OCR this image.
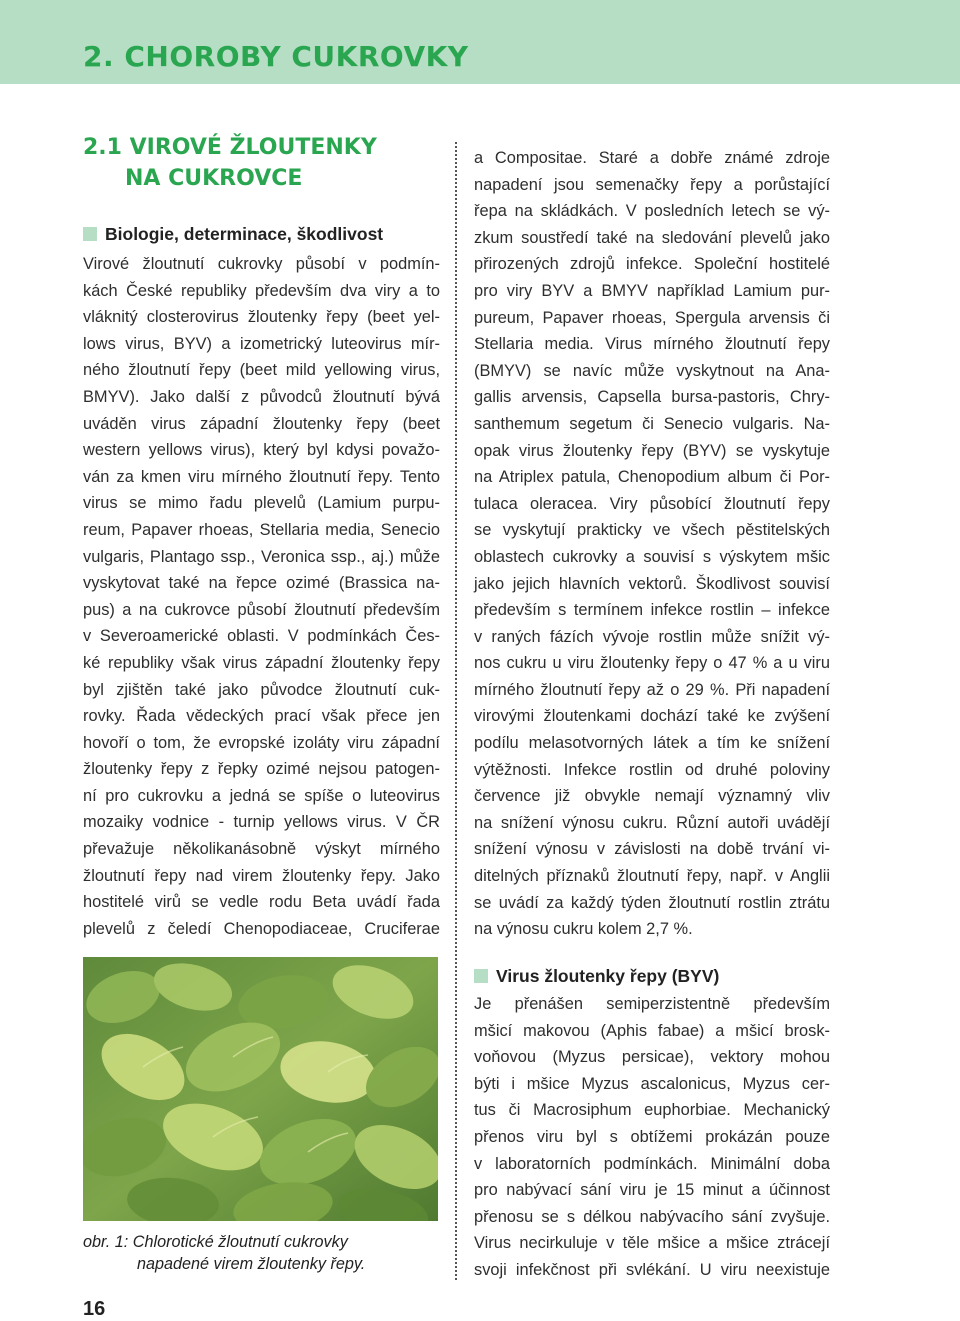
2. CHOROBY CUKROVKY
2.1 VIROVÉ ŽLOUTENKY
NA CUKROVCE
Biologie, determinace, škodlivost
Virové žloutnutí cukrovky působí v podmín-
kách České republiky především dva viry a to
vláknitý closterovirus žloutenky řepy (beet yel-
lows virus, BYV) a izometrický luteovirus mír-
ného žloutnutí řepy (beet mild yellowing virus,
BMYV). Jako další z původců žloutnutí bývá
uváděn virus západní žloutenky řepy (beet
western yellows virus), který byl kdysi považo-
ván za kmen viru mírného žloutnutí řepy. Tento
virus se mimo řadu plevelů (Lamium purpu-
reum, Papaver rhoeas, Stellaria media, Senecio
vulgaris, Plantago ssp., Veronica ssp., aj.) může
vyskytovat také na řepce ozimé (Brassica na-
pus) a na cukrovce působí žloutnutí především
v Severoamerické oblasti. V podmínkách Čes-
ké republiky však virus západní žloutenky řepy
byl zjištěn také jako původce žloutnutí cuk-
rovky. Řada vědeckých prací však přece jen
hovoří o tom, že evropské izoláty viru západní
žloutenky řepy z řepky ozimé nejsou patogen-
ní pro cukrovku a jedná se spíše o luteovirus
mozaiky vodnice - turnip yellows virus. V ČR
převažuje několikanásobně výskyt mírného
žloutnutí řepy nad virem žloutenky řepy. Jako
hostitelé virů se vedle rodu Beta uvádí řada
plevelů z čeledí Chenopodiaceae, Cruciferae

obr. 1: Chlorotické žloutnutí cukrovky
napadené virem žloutenky řepy.

a Compositae. Staré a dobře známé zdroje
napadení jsou semenačky řepy a porůstající
řepa na skládkách. V posledních letech se vý-
zkum soustředí také na sledování plevelů jako
přirozených zdrojů infekce. Společní hostitelé
pro viry BYV a BMYV například Lamium pur-
pureum, Papaver rhoeas, Spergula arvensis či
Stellaria media. Virus mírného žloutnutí řepy
(BMYV) se navíc může vyskytnout na Ana-
gallis arvensis, Capsella bursa-pastoris, Chry-
santhemum segetum či Senecio vulgaris. Na-
opak virus žloutenky řepy (BYV) se vyskytuje
na Atriplex patula, Chenopodium album či Por-
tulaca oleracea. Viry působící žloutnutí řepy
se vyskytují prakticky ve všech pěstitelských
oblastech cukrovky a souvisí s výskytem mšic
jako jejich hlavních vektorů. Škodlivost souvisí
především s termínem infekce rostlin – infekce
v raných fázích vývoje rostlin může snížit vý-
nos cukru u viru žloutenky řepy o 47 % a u viru
mírného žloutnutí řepy až o 29 %. Při napadení
virovými žloutenkami dochází také ke zvýšení
podílu melasotvorných látek a tím ke snížení
výtěžnosti. Infekce rostlin od druhé poloviny
července již obvykle nemají významný vliv
na snížení výnosu cukru. Různí autoři uvádějí
snížení výnosu v závislosti na době trvání vi-
ditelných příznaků žloutnutí řepy, např. v Anglii
se uvádí za každý týden žloutnutí rostlin ztrátu
na výnosu cukru kolem 2,7 %.
Virus žloutenky řepy (BYV)
Je přenášen semiperzistentně především
mšicí makovou (Aphis fabae) a mšicí brosk-
voňovou (Myzus persicae), vektory mohou
býti i mšice Myzus ascalonicus, Myzus cer-
tus či Macrosiphum euphorbiae. Mechanický
přenos viru byl s obtížemi prokázán pouze
v laboratorních podmínkách. Minimální doba
pro nabývací sání viru je 15 minut a účinnost
přenosu se s délkou nabývacího sání zvyšuje.
Virus necirkuluje v těle mšice a mšice ztrácejí
svoji infekčnost při svlékání. U viru neexistuje

16
